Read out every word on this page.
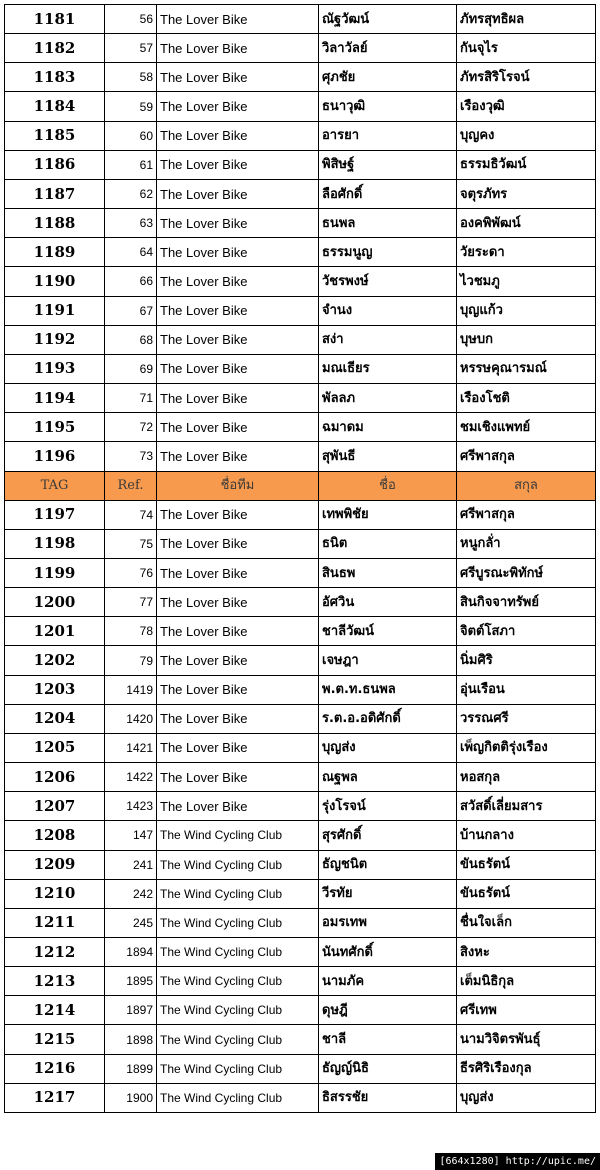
1181	56	The Lover Bike	ณัฐวัฒน์	ภัทรสุทธิผล
1182	57	The Lover Bike	วิลาวัลย์	กันจุไร
1183	58	The Lover Bike	ศุภชัย	ภัทรสิริโรจน์
1184	59	The Lover Bike	ธนาวุฒิ	เรืองวุฒิ
1185	60	The Lover Bike	อารยา	บุญคง
1186	61	The Lover Bike	พิสิษฐ์	ธรรมธิวัฒน์
1187	62	The Lover Bike	ลือศักดิ์	จตุรภัทร
1188	63	The Lover Bike	ธนพล	องคพิพัฒน์
1189	64	The Lover Bike	ธรรมนูญ	วัยระดา
1190	66	The Lover Bike	วัชรพงษ์	ไวชมภู
1191	67	The Lover Bike	จำนง	บุญแก้ว
1192	68	The Lover Bike	สง่า	บุษบก
1193	69	The Lover Bike	มณเธียร	หรรษคุณารมณ์
1194	71	The Lover Bike	พัลลภ	เรืองโชติ
1195	72	The Lover Bike	ฉมาดม	ชมเชิงแพทย์
1196	73	The Lover Bike	สุพันธี	ศรีพาสกุล
TAG	Ref.	ชื่อทีม	ชื่อ	สกุล
1197	74	The Lover Bike	เทพพิชัย	ศรีพาสกุล
1198	75	The Lover Bike	ธนิต	หนูกลั่า
1199	76	The Lover Bike	สินธพ	ศรีบูรณะพิทักษ์
1200	77	The Lover Bike	อัศวิน	สินกิจจาทรัพย์
1201	78	The Lover Bike	ชาลีวัฒน์	จิตต์โสภา
1202	79	The Lover Bike	เจษฎา	นิ่มศิริ
1203	1419	The Lover Bike	พ.ต.ท.ธนพล	อุ่นเรือน
1204	1420	The Lover Bike	ร.ต.อ.อดิศักดิ์	วรรณศรี
1205	1421	The Lover Bike	บุญส่ง	เพ็ญกิตติรุ่งเรือง
1206	1422	The Lover Bike	ณฐพล	หอสกุล
1207	1423	The Lover Bike	รุ่งโรจน์	สวัสดิ์เลี่ยมสาร
1208	147	The Wind Cycling Club	สุรศักดิ์	บ้านกลาง
1209	241	The Wind Cycling Club	ธัญชนิต	ขันธรัตน์
1210	242	The Wind Cycling Club	วีรทัย	ขันธรัตน์
1211	245	The Wind Cycling Club	อมรเทพ	ชื่นใจเล็ก
1212	1894	The Wind Cycling Club	นันทศักดิ์	สิงหะ
1213	1895	The Wind Cycling Club	นามภัค	เต็มนิธิกุล
1214	1897	The Wind Cycling Club	ดุษฎี	ศรีเทพ
1215	1898	The Wind Cycling Club	ชาลี	นามวิจิตรพันธุ์
1216	1899	The Wind Cycling Club	ธัญญ์นิธิ	ธีรศิริเรืองกุล
1217	1900	The Wind Cycling Club	ธิสรรชัย	บุญส่ง
[664x1280] http://upic.me/
